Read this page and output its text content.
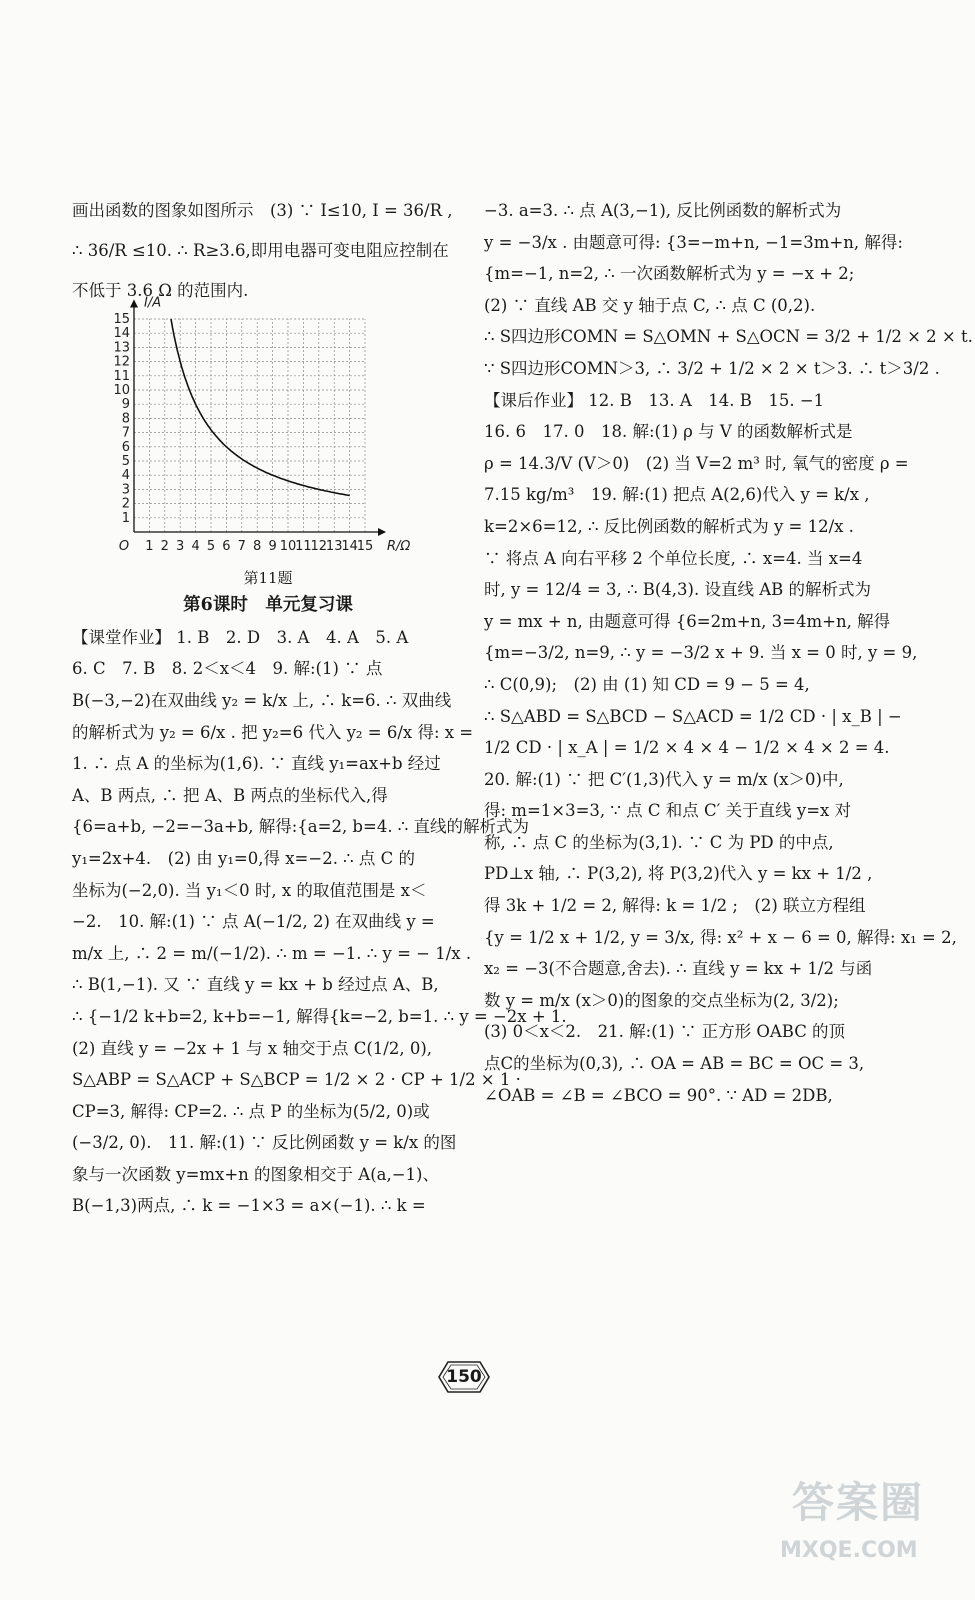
画出函数的图象如图所示　(3) ∵ I≤10, I = 36/R ,
∴ 36/R ≤10. ∴ R≥3.6,即用电器可变电阻应控制在
不低于 3.6 Ω 的范围内.
1
2
3
4
5
6
7
8
9
10
11
12
13
14
15
1 2 3 4 5 6 7 8 9 10
11
12
13
14
15
O
I/A
R/Ω
第11题
第6课时　单元复习课
【课堂作业】 1. B　2. D　3. A　4. A　5. A
6. C　7. B　8. 2＜x＜4　9. 解:(1) ∵ 点
B(−3,−2)在双曲线 y₂ = k/x 上, ∴ k=6. ∴ 双曲线
的解析式为 y₂ = 6/x . 把 y₂=6 代入 y₂ = 6/x 得: x =
1. ∴ 点 A 的坐标为(1,6). ∵ 直线 y₁=ax+b 经过
A、B 两点, ∴ 把 A、B 两点的坐标代入,得
{6=a+b, −2=−3a+b, 解得:{a=2, b=4. ∴ 直线的解析式为
y₁=2x+4.　(2) 由 y₁=0,得 x=−2. ∴ 点 C 的
坐标为(−2,0). 当 y₁＜0 时, x 的取值范围是 x＜
−2.　10. 解:(1) ∵ 点 A(−1/2, 2) 在双曲线 y =
m/x 上, ∴ 2 = m/(−1/2). ∴ m = −1. ∴ y = − 1/x .
∴ B(1,−1). 又 ∵ 直线 y = kx + b 经过点 A、B,
∴ {−1/2 k+b=2, k+b=−1, 解得{k=−2, b=1. ∴ y = −2x + 1.
(2) 直线 y = −2x + 1 与 x 轴交于点 C(1/2, 0),
S△ABP = S△ACP + S△BCP = 1/2 × 2 · CP + 1/2 × 1 ·
CP=3, 解得: CP=2. ∴ 点 P 的坐标为(5/2, 0)或
(−3/2, 0).　11. 解:(1) ∵ 反比例函数 y = k/x 的图
象与一次函数 y=mx+n 的图象相交于 A(a,−1)、
B(−1,3)两点, ∴ k = −1×3 = a×(−1). ∴ k =
−3. a=3. ∴ 点 A(3,−1), 反比例函数的解析式为
y = −3/x . 由题意可得: {3=−m+n, −1=3m+n, 解得:
{m=−1, n=2, ∴ 一次函数解析式为 y = −x + 2;
(2) ∵ 直线 AB 交 y 轴于点 C, ∴ 点 C (0,2).
∴ S四边形COMN = S△OMN + S△OCN = 3/2 + 1/2 × 2 × t.
∵ S四边形COMN＞3, ∴ 3/2 + 1/2 × 2 × t＞3. ∴ t＞3/2 .
【课后作业】 12. B　13. A　14. B　15. −1
16. 6　17. 0　18. 解:(1) ρ 与 V 的函数解析式是
ρ = 14.3/V (V＞0)　(2) 当 V=2 m³ 时, 氧气的密度 ρ =
7.15 kg/m³　19. 解:(1) 把点 A(2,6)代入 y = k/x ,
k=2×6=12, ∴ 反比例函数的解析式为 y = 12/x .
∵ 将点 A 向右平移 2 个单位长度, ∴ x=4. 当 x=4
时, y = 12/4 = 3, ∴ B(4,3). 设直线 AB 的解析式为
y = mx + n, 由题意可得 {6=2m+n, 3=4m+n, 解得
{m=−3/2, n=9, ∴ y = −3/2 x + 9. 当 x = 0 时, y = 9,
∴ C(0,9);　(2) 由 (1) 知 CD = 9 − 5 = 4,
∴ S△ABD = S△BCD − S△ACD = 1/2 CD · | x_B | −
1/2 CD · | x_A | = 1/2 × 4 × 4 − 1/2 × 4 × 2 = 4.
20. 解:(1) ∵ 把 C′(1,3)代入 y = m/x (x＞0)中,
得: m=1×3=3, ∵ 点 C 和点 C′ 关于直线 y=x 对
称, ∴ 点 C 的坐标为(3,1). ∵ C 为 PD 的中点,
PD⊥x 轴, ∴ P(3,2), 将 P(3,2)代入 y = kx + 1/2 ,
得 3k + 1/2 = 2, 解得: k = 1/2 ;　(2) 联立方程组
{y = 1/2 x + 1/2, y = 3/x, 得: x² + x − 6 = 0, 解得: x₁ = 2,
x₂ = −3(不合题意,舍去). ∴ 直线 y = kx + 1/2 与函
数 y = m/x (x＞0)的图象的交点坐标为(2, 3/2);
(3) 0＜x＜2.　21. 解:(1) ∵ 正方形 OABC 的顶
点C的坐标为(0,3), ∴ OA = AB = BC = OC = 3,
∠OAB = ∠B = ∠BCO = 90°. ∵ AD = 2DB,
150
答案圈
MXQE.COM
